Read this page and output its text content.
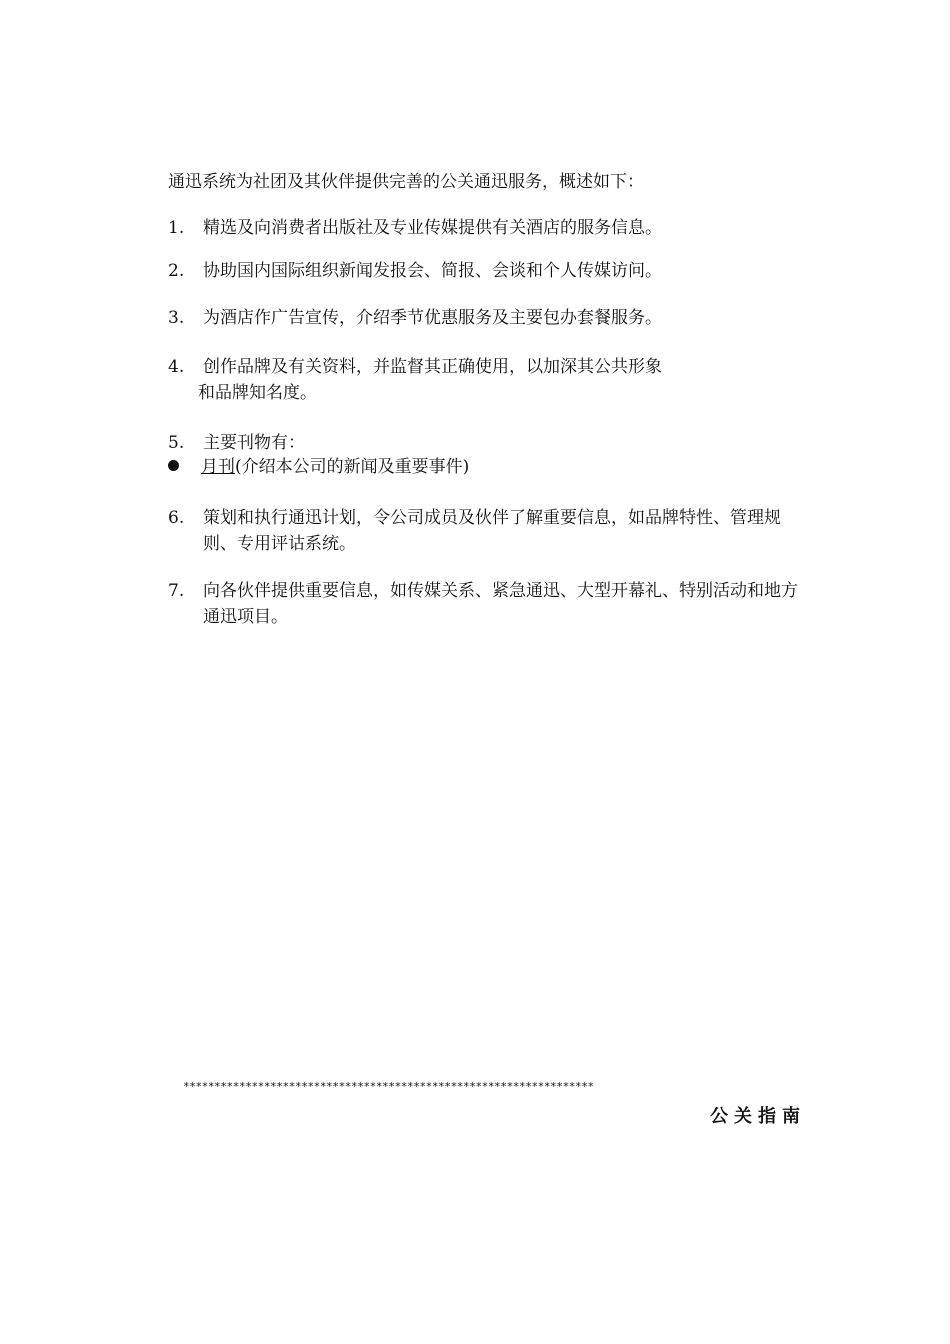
通迅系统为社团及其伙伴提供完善的公关通迅服务，概述如下：
1. 精选及向消费者出版社及专业传媒提供有关酒店的服务信息。
2. 协助国内国际组织新闻发报会、简报、会谈和个人传媒访问。
3. 为酒店作广告宣传，介绍季节优惠服务及主要包办套餐服务。
4. 创作品牌及有关资料，并监督其正确使用，以加深其公共形象
和品牌知名度。
5. 主要刊物有：
月刊(介绍本公司的新闻及重要事件)
6. 策划和执行通迅计划，令公司成员及伙伴了解重要信息，如品牌特性、管理规则、专用评诂系统。
7. 向各伙伴提供重要信息，如传媒关系、紧急通迅、大型开幕礼、特别活动和地方通迅项目。
******************************************************************
公关指南
